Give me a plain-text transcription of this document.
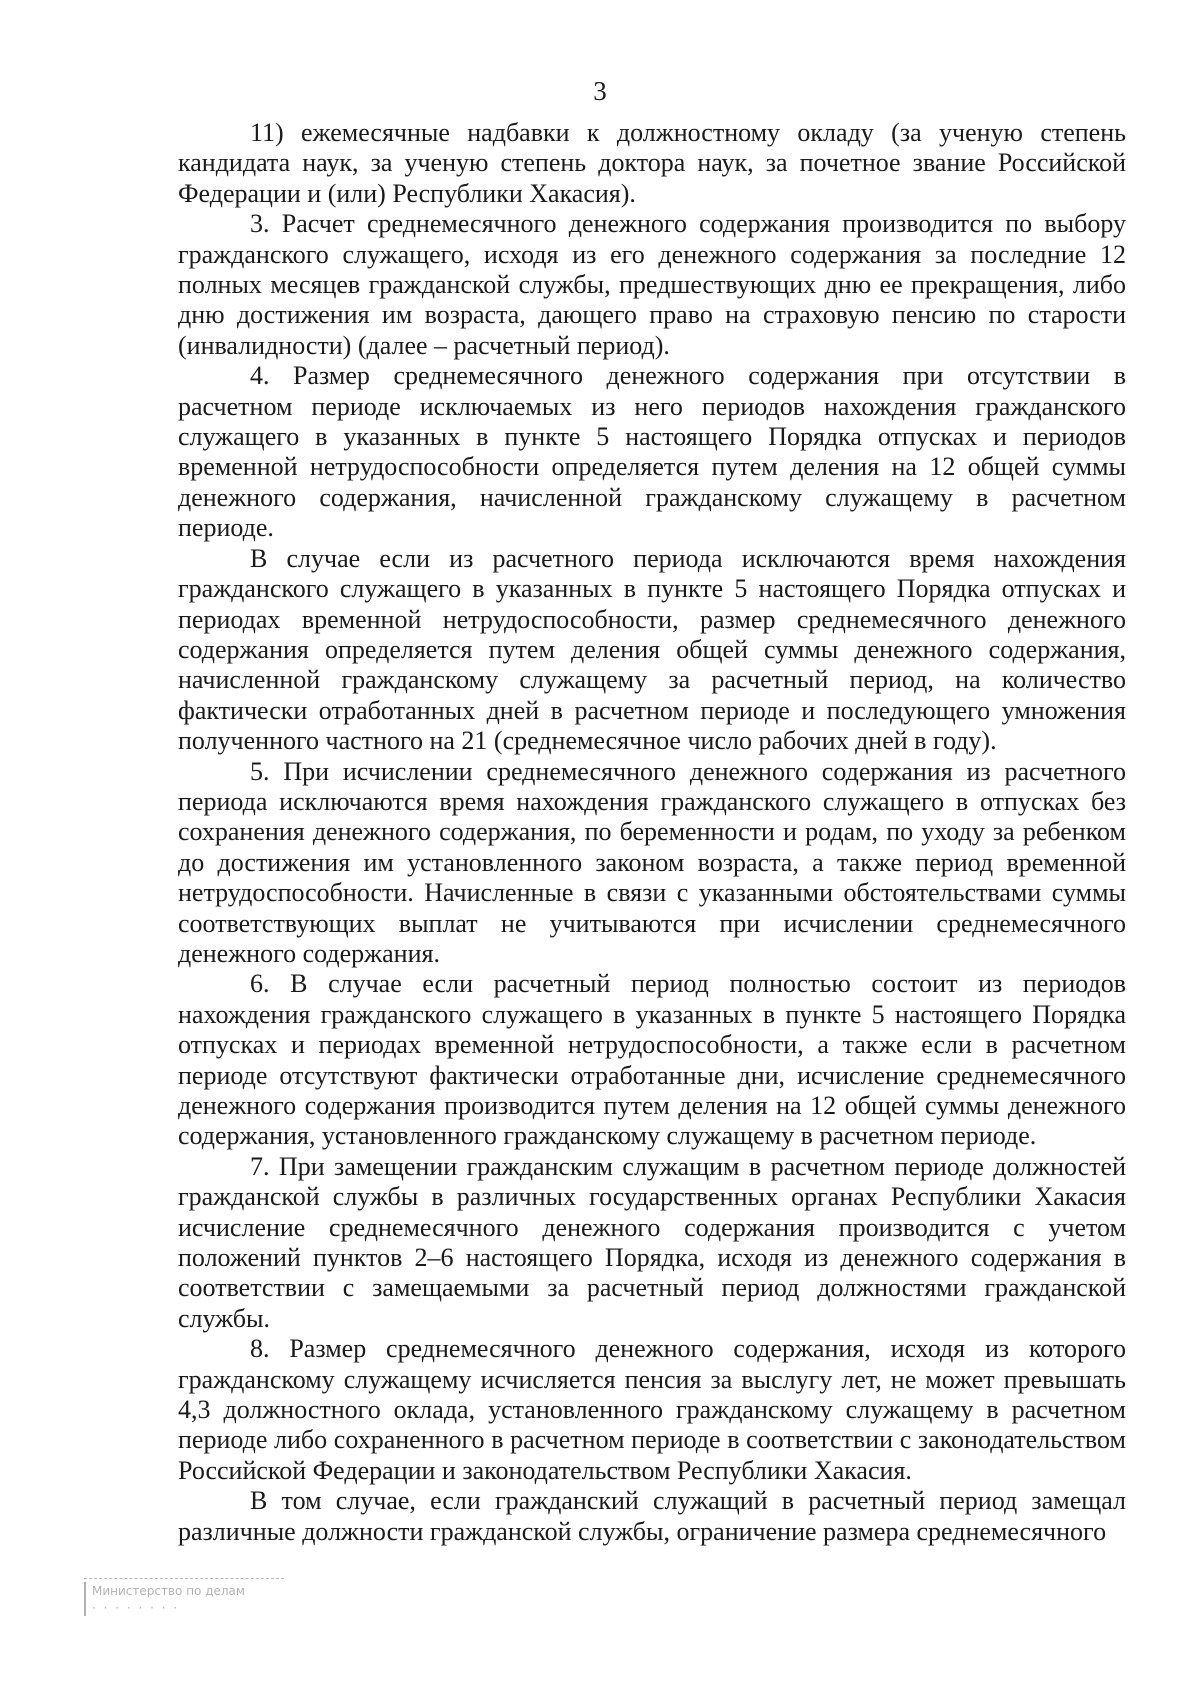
3

11) ежемесячные надбавки к должностному окладу (за ученую степень кандидата наук, за ученую степень доктора наук, за почетное звание Российской Федерации и (или) Республики Хакасия).

3. Расчет среднемесячного денежного содержания производится по выбору гражданского служащего, исходя из его денежного содержания за последние 12 полных месяцев гражданской службы, предшествующих дню ее прекращения, либо дню достижения им возраста, дающего право на страховую пенсию по старости (инвалидности) (далее – расчетный период).

4. Размер среднемесячного денежного содержания при отсутствии в расчетном периоде исключаемых из него периодов нахождения гражданского служащего в указанных в пункте 5 настоящего Порядка отпусках и периодов временной нетрудоспособности определяется путем деления на 12 общей суммы денежного содержания, начисленной гражданскому служащему в расчетном периоде.

В случае если из расчетного периода исключаются время нахождения гражданского служащего в указанных в пункте 5 настоящего Порядка отпусках и периодах временной нетрудоспособности, размер среднемесячного денежного содержания определяется путем деления общей суммы денежного содержания, начисленной гражданскому служащему за расчетный период, на количество фактически отработанных дней в расчетном периоде и последующего умножения полученного частного на 21 (среднемесячное число рабочих дней в году).

5. При исчислении среднемесячного денежного содержания из расчетного периода исключаются время нахождения гражданского служащего в отпусках без сохранения денежного содержания, по беременности и родам, по уходу за ребенком до достижения им установленного законом возраста, а также период временной нетрудоспособности. Начисленные в связи с указанными обстоятельствами суммы соответствующих выплат не учитываются при исчислении среднемесячного денежного содержания.

6. В случае если расчетный период полностью состоит из периодов нахождения гражданского служащего в указанных в пункте 5 настоящего Порядка отпусках и периодах временной нетрудоспособности, а также если в расчетном периоде отсутствуют фактически отработанные дни, исчисление среднемесячного денежного содержания производится путем деления на 12 общей суммы денежного содержания, установленного гражданскому служащему в расчетном периоде.

7. При замещении гражданским служащим в расчетном периоде должностей гражданской службы в различных государственных органах Республики Хакасия исчисление среднемесячного денежного содержания производится с учетом положений пунктов 2–6 настоящего Порядка, исходя из денежного содержания в соответствии с замещаемыми за расчетный период должностями гражданской службы.

8. Размер среднемесячного денежного содержания, исходя из которого гражданскому служащему исчисляется пенсия за выслугу лет, не может превышать 4,3 должностного оклада, установленного гражданскому служащему в расчетном периоде либо сохраненного в расчетном периоде в соответствии с законодательством Российской Федерации и законодательством Республики Хакасия.

В том случае, если гражданский служащий в расчетный период замещал различные должности гражданской службы, ограничение размера среднемесячного

Министерство по делам
· · · · · · · ·
